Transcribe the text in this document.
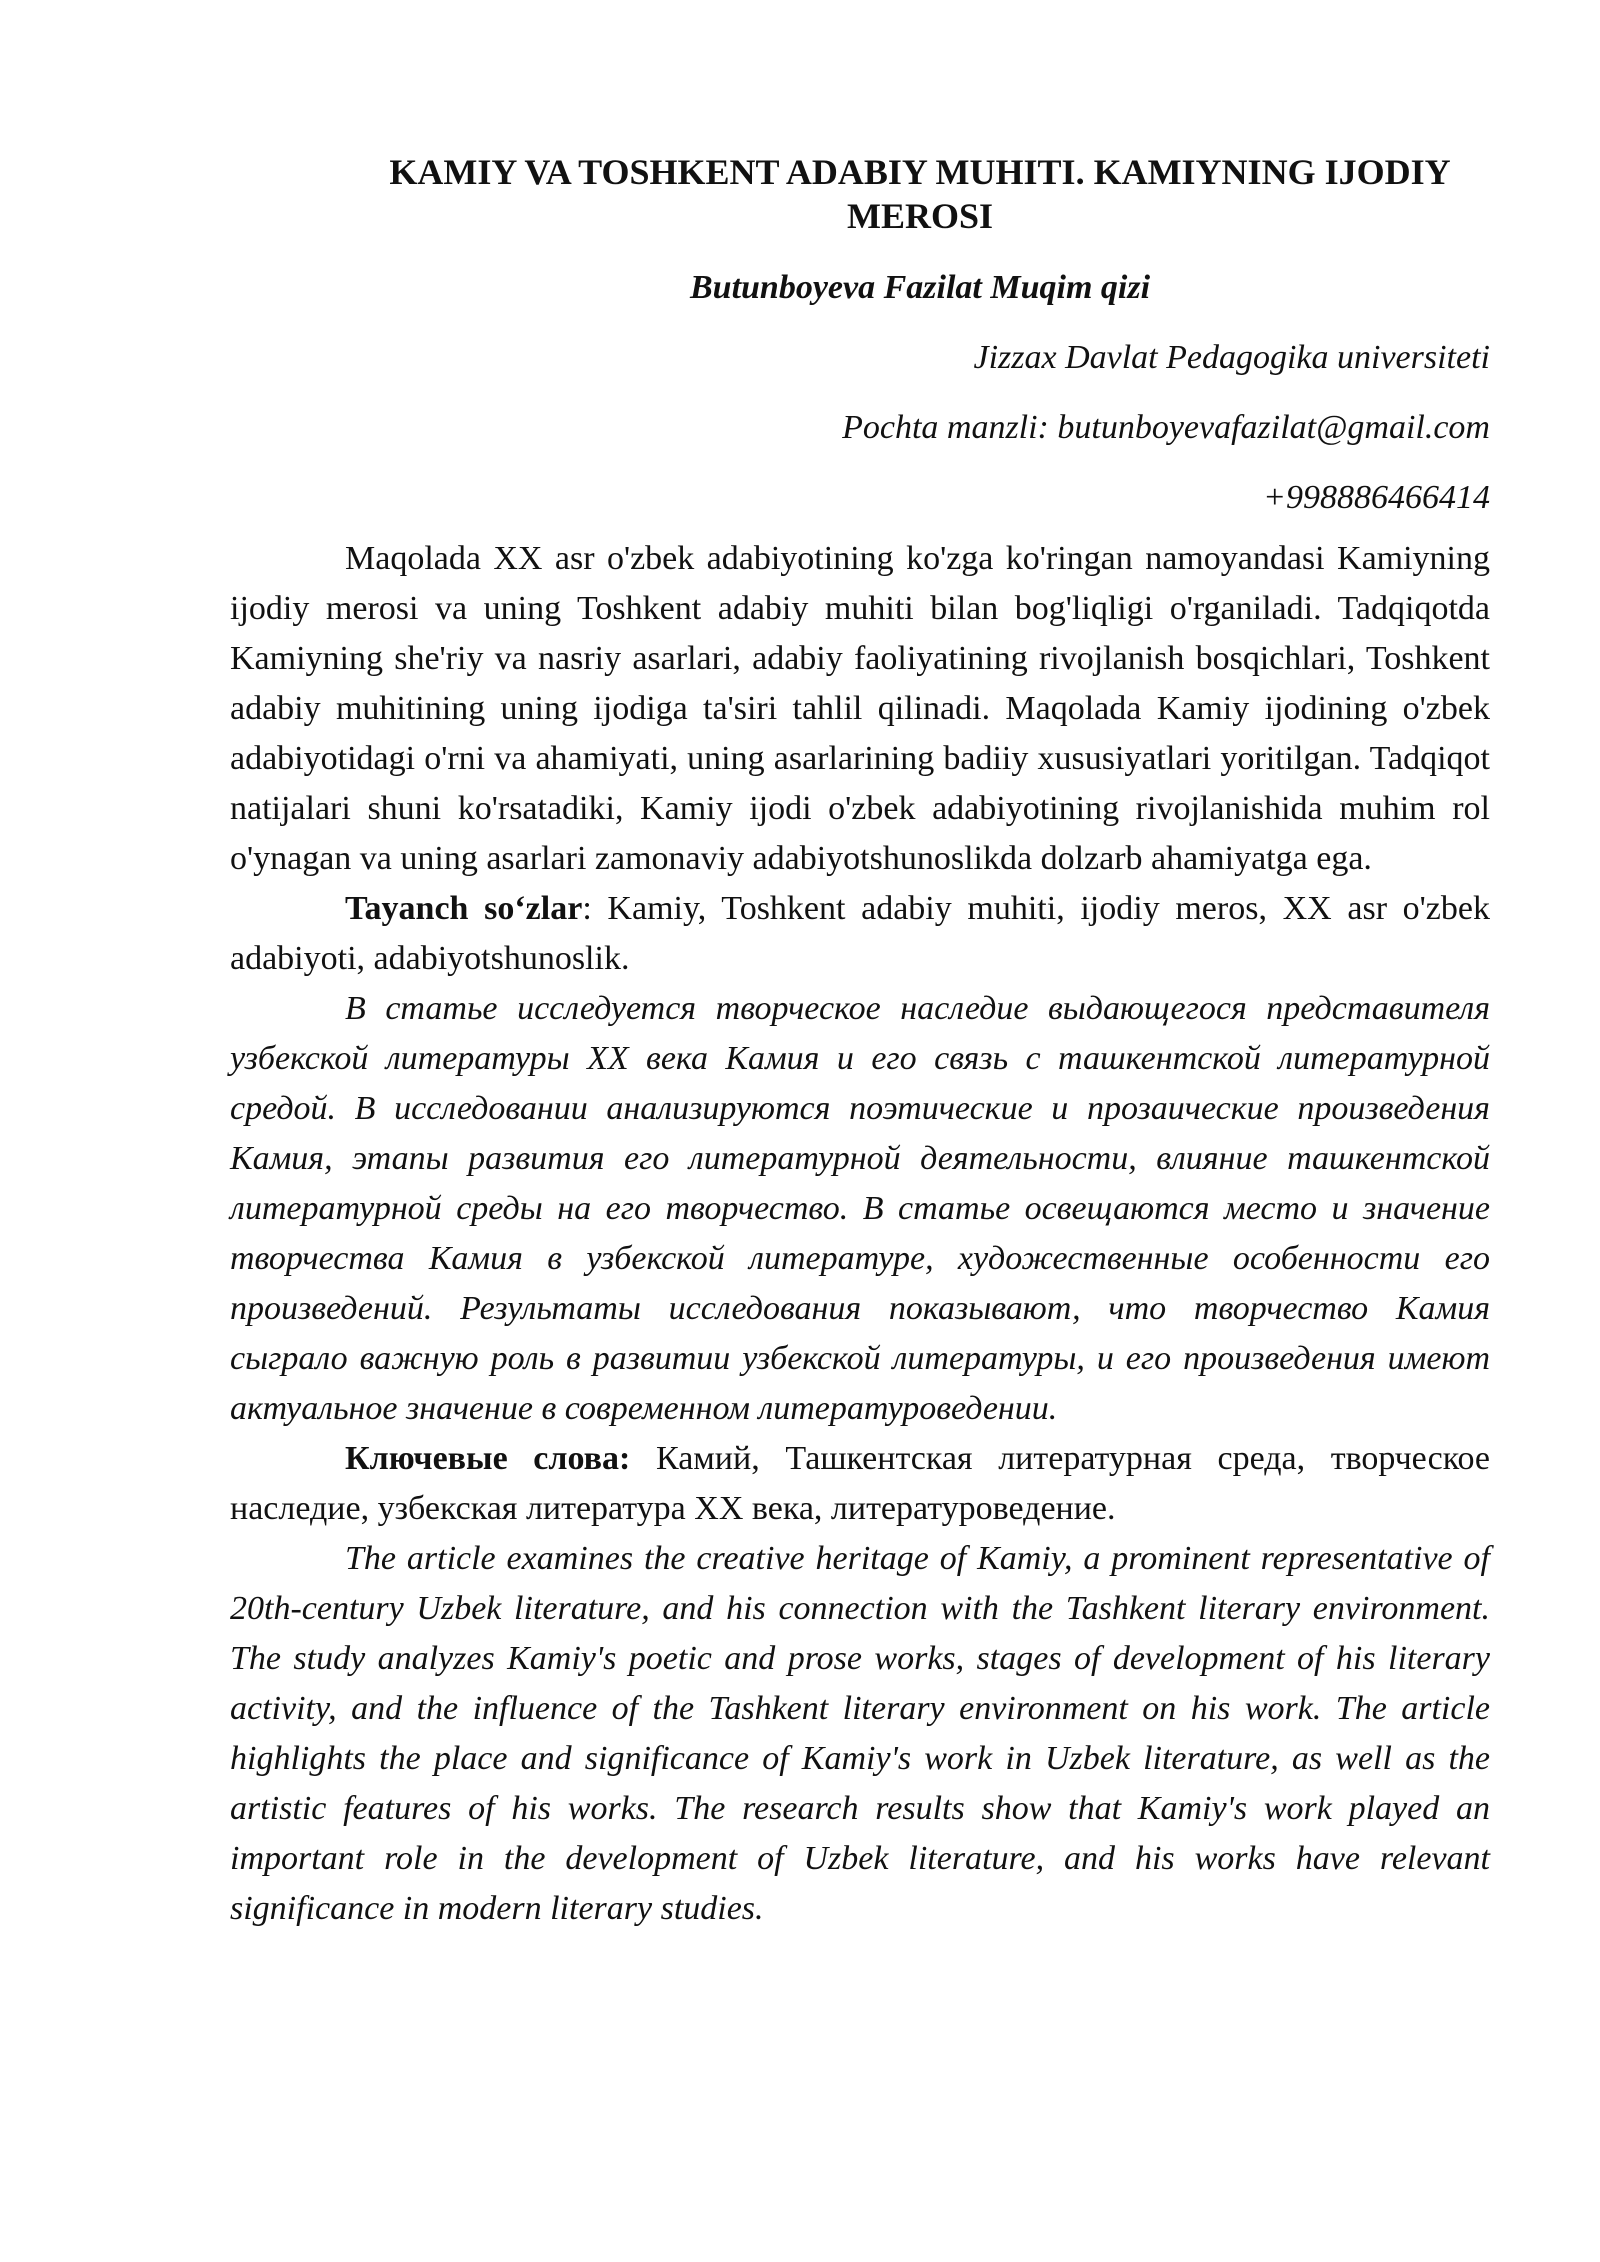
KAMIY VA TOSHKENT ADABIY MUHITI. KAMIYNING IJODIY MEROSI
Butunboyeva Fazilat Muqim qizi
Jizzax Davlat Pedagogika universiteti
Pochta manzli: butunboyevafazilat@gmail.com
+998886466414

Maqolada XX asr o'zbek adabiyotining ko'zga ko'ringan namoyandasi Kamiyning ijodiy merosi va uning Toshkent adabiy muhiti bilan bog'liqligi o'rganiladi. Tadqiqotda Kamiyning she'riy va nasriy asarlari, adabiy faoliyatining rivojlanish bosqichlari, Toshkent adabiy muhitining uning ijodiga ta'siri tahlil qilinadi. Maqolada Kamiy ijodining o'zbek adabiyotidagi o'rni va ahamiyati, uning asarlarining badiiy xususiyatlari yoritilgan. Tadqiqot natijalari shuni ko'rsatadiki, Kamiy ijodi o'zbek adabiyotining rivojlanishida muhim rol o'ynagan va uning asarlari zamonaviy adabiyotshunoslikda dolzarb ahamiyatga ega.

Tayanch so‘zlar: Kamiy, Toshkent adabiy muhiti, ijodiy meros, XX asr o'zbek adabiyoti, adabiyotshunoslik.

В статье исследуется творческое наследие выдающегося представителя узбекской литературы XX века Камия и его связь с ташкентской литературной средой. В исследовании анализируются поэтические и прозаические произведения Камия, этапы развития его литературной деятельности, влияние ташкентской литературной среды на его творчество. В статье освещаются место и значение творчества Камия в узбекской литературе, художественные особенности его произведений. Результаты исследования показывают, что творчество Камия сыграло важную роль в развитии узбекской литературы, и его произведения имеют актуальное значение в современном литературоведении.

Ключевые слова: Камий, Ташкентская литературная среда, творческое наследие, узбекская литература XX века, литературоведение.

The article examines the creative heritage of Kamiy, a prominent representative of 20th-century Uzbek literature, and his connection with the Tashkent literary environment. The study analyzes Kamiy's poetic and prose works, stages of development of his literary activity, and the influence of the Tashkent literary environment on his work. The article highlights the place and significance of Kamiy's work in Uzbek literature, as well as the artistic features of his works. The research results show that Kamiy's work played an important role in the development of Uzbek literature, and his works have relevant significance in modern literary studies.
